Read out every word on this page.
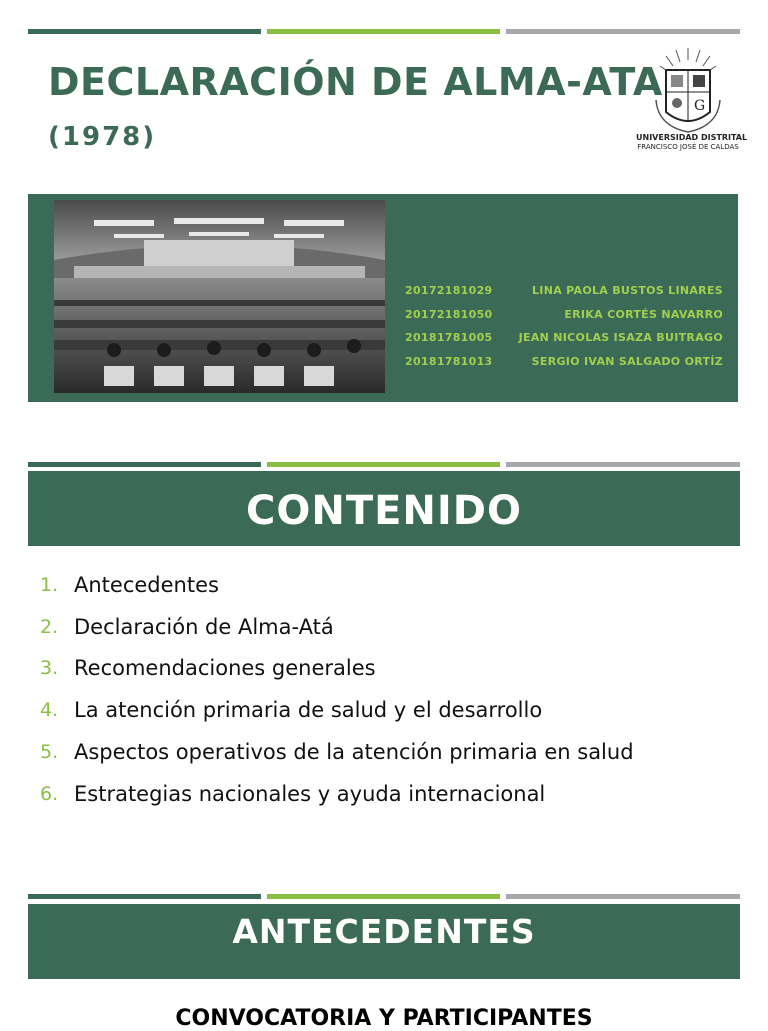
DECLARACIÓN DE ALMA-ATA
(1978)
G
UNIVERSIDAD DISTRITAL
FRANCISCO JOSÉ DE CALDAS
20172181029	LINA PAOLA BUSTOS LINARES
20172181050	ERIKA CORTÉS NAVARRO
20181781005 JEAN NICOLAS ISAZA BUITRAGO
20181781013	SERGIO IVAN SALGADO ORTÍZ
CONTENIDO
1. Antecedentes
2. Declaración de Alma-Atá
3. Recomendaciones generales
4. La atención primaria de salud y el desarrollo
5. Aspectos operativos de la atención primaria en salud
6. Estrategias nacionales y ayuda internacional
ANTECEDENTES
CONVOCATORIA Y PARTICIPANTES
